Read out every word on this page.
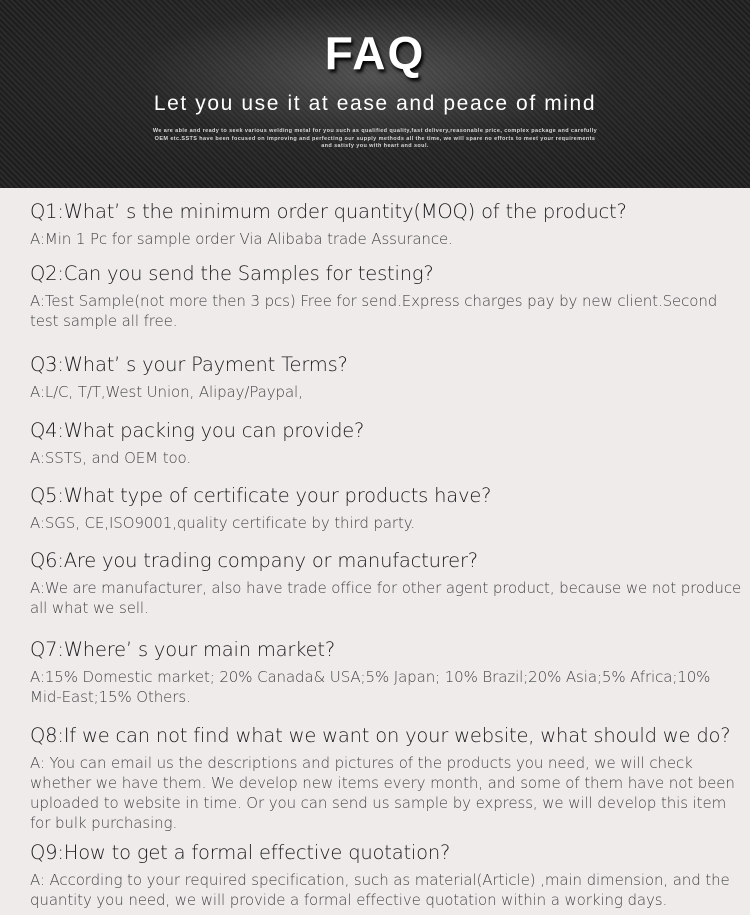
FAQ
Let you use it at ease and peace of mind
We are able and ready to seek various welding metal for you such as qualified quality,fast delivery,reasonable price, complex package and carefully OEM etc.SSTS have been focused on improving and perfecting our supply methods all the time, we will spare no efforts to meet your requirements and satisfy you with heart and soul.
Q1:What’ s the minimum order quantity(MOQ) of the product?
A:Min 1 Pc for sample order Via Alibaba trade Assurance.
Q2:Can you send the Samples for testing?
A:Test Sample(not more then 3 pcs) Free for send.Express charges pay by new client.Second test sample all free.
Q3:What’ s your Payment Terms?
A:L/C, T/T,West Union, Alipay/Paypal,
Q4:What packing you can provide?
A:SSTS, and OEM too.
Q5:What type of certificate your products have?
A:SGS, CE,ISO9001,quality certificate by third party.
Q6:Are you trading company or manufacturer?
A:We are manufacturer, also have trade office for other agent product, because we not produce all what we sell.
Q7:Where’ s your main market?
A:15% Domestic market; 20% Canada& USA;5% Japan; 10% Brazil;20% Asia;5% Africa;10% Mid-East;15% Others.
Q8:If we can not find what we want on your website, what should we do?
A: You can email us the descriptions and pictures of the products you need, we will check whether we have them. We develop new items every month, and some of them have not been uploaded to website in time. Or you can send us sample by express, we will develop this item for bulk purchasing.
Q9:How to get a formal effective quotation?
A: According to your required specification, such as material(Article) ,main dimension, and the quantity you need, we will provide a formal effective quotation within a working days.
